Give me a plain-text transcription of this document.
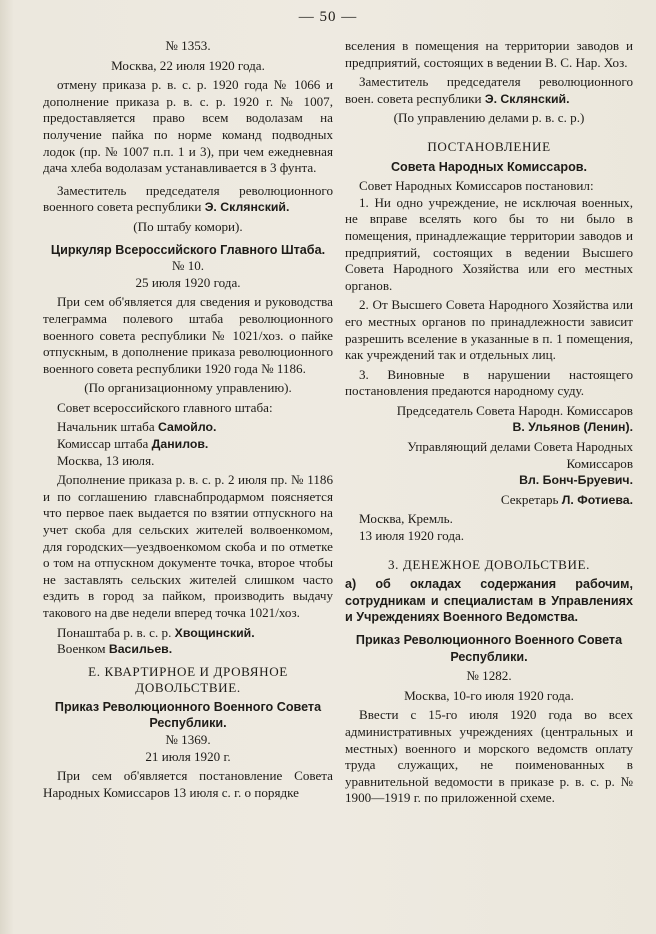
— 50 —

№ 1353.

Москва, 22 июля 1920 года.

отмену приказа р. в. с. р. 1920 года № 1066 и дополнение приказа р. в. с. р. 1920 г. № 1007, предоставляется право всем водолазам на получение пайка по норме команд подводных лодок (пр. № 1007 п.п. 1 и 3), при чем ежедневная дача хлеба водолазам устанавливается в 3 фунта.

Заместитель председателя революционного военного совета республики Э. Склянский.

(По штабу комори).

Циркуляр Всероссийского Главного Штаба.

№ 10.

25 июля 1920 года.

При сем об'является для сведения и руководства телеграмма полевого штаба революционного военного совета республики № 1021/хоз. о пайке отпускным, в дополнение приказа революционного военного совета республики 1920 года № 1186.

(По организационному управлению).

Совет всероссийского главного штаба:

Начальник штаба Самойло.

Комиссар штаба Данилов.

Москва, 13 июля.

Дополнение приказа р. в. с. р. 2 июля пр. № 1186 и по соглашению главснабпродармом поясняется что первое паек выдается по взятии отпускного на учет скоба для сельских жителей волвоенкомом, для городских—уездвоенкомом скоба и по отметке о том на отпускном документе точка, второе чтобы не заставлять сельских жителей слишком часто ездить в город за пайком, производить выдачу такового на две недели вперед точка 1021/хоз.

Понаштаба р. в. с. р. Хвощинский.

Военком Васильев.

Е. КВАРТИРНОЕ И ДРОВЯНОЕ ДОВОЛЬСТВИЕ.

Приказ Революционного Военного Совета Республики.

№ 1369.

21 июля 1920 г.

При сем об'является постановление Совета Народных Комиссаров 13 июля с. г. о порядке

вселения в помещения на территории заводов и предприятий, состоящих в ведении В. С. Нар. Хоз.

Заместитель председателя революционного воен. совета республики Э. Склянский.

(По управлению делами р. в. с. р.)

ПОСТАНОВЛЕНИЕ

Совета Народных Комиссаров.

Совет Народных Комиссаров постановил:

1. Ни одно учреждение, не исключая военных, не вправе вселять кого бы то ни было в помещения, принадлежащие территории заводов и предприятий, состоящих в ведении Высшего Совета Народного Хозяйства или его местных органов.

2. От Высшего Совета Народного Хозяйства или его местных органов по принадлежности зависит разрешить вселение в указанные в п. 1 помещения, как учреждений так и отдельных лиц.

3. Виновные в нарушении настоящего постановления предаются народному суду.

Председатель Совета Народн. Комиссаров

В. Ульянов (Ленин).

Управляющий делами Совета Народных Комиссаров

Вл. Бонч-Бруевич.

Секретарь Л. Фотиева.

Москва, Кремль.

13 июля 1920 года.

3. ДЕНЕЖНОЕ ДОВОЛЬСТВИЕ.

а) об окладах содержания рабочим, сотрудникам и специалистам в Управлениях и Учреждениях Военного Ведомства.

Приказ Революционного Военного Совета Республики.

№ 1282.

Москва, 10-го июля 1920 года.

Ввести с 15-го июля 1920 года во всех административных учреждениях (центральных и местных) военного и морского ведомств оплату труда служащих, не поименованных в уравнительной ведомости в приказе р. в. с. р. № 1900—1919 г. по приложенной схеме.
